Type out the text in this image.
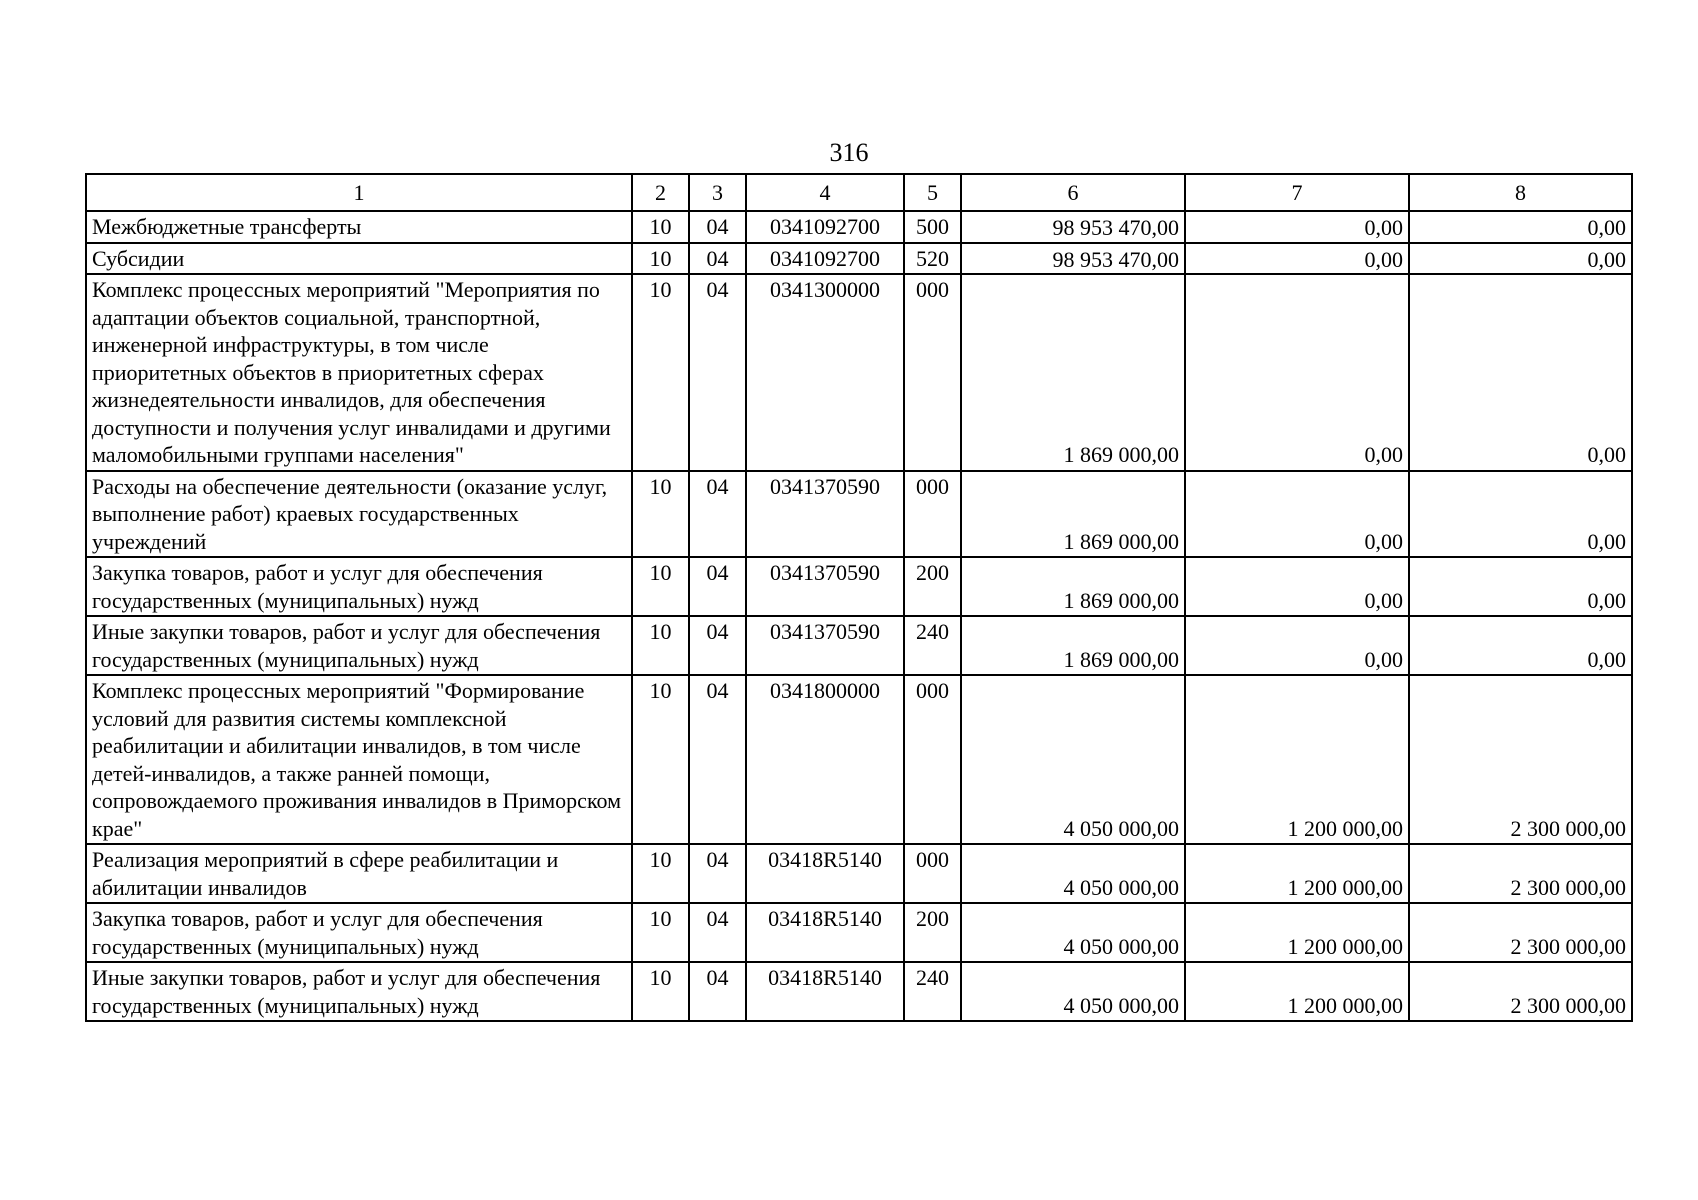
316
1	2	3	4	5	6	7	8
Межбюджетные трансферты	10	04	0341092700	500	98 953 470,00	0,00	0,00
Субсидии	10	04	0341092700	520	98 953 470,00	0,00	0,00
Комплекс процессных мероприятий "Мероприятия по адаптации объектов социальной, транспортной, инженерной инфраструктуры, в том числе приоритетных объектов в приоритетных сферах жизнедеятельности инвалидов, для обеспечения доступности и получения услуг инвалидами и другими маломобильными группами населения"	10	04	0341300000	000	1 869 000,00	0,00	0,00
Расходы на обеспечение деятельности (оказание услуг, выполнение работ) краевых государственных учреждений	10	04	0341370590	000	1 869 000,00	0,00	0,00
Закупка товаров, работ и услуг для обеспечения государственных (муниципальных) нужд	10	04	0341370590	200	1 869 000,00	0,00	0,00
Иные закупки товаров, работ и услуг для обеспечения государственных (муниципальных) нужд	10	04	0341370590	240	1 869 000,00	0,00	0,00
Комплекс процессных мероприятий "Формирование условий для развития системы комплексной реабилитации и абилитации инвалидов, в том числе детей-инвалидов, а также ранней помощи, сопровождаемого проживания инвалидов в Приморском крае"	10	04	0341800000	000	4 050 000,00	1 200 000,00	2 300 000,00
Реализация мероприятий в сфере реабилитации и абилитации инвалидов	10	04	03418R5140	000	4 050 000,00	1 200 000,00	2 300 000,00
Закупка товаров, работ и услуг для обеспечения государственных (муниципальных) нужд	10	04	03418R5140	200	4 050 000,00	1 200 000,00	2 300 000,00
Иные закупки товаров, работ и услуг для обеспечения государственных (муниципальных) нужд	10	04	03418R5140	240	4 050 000,00	1 200 000,00	2 300 000,00
